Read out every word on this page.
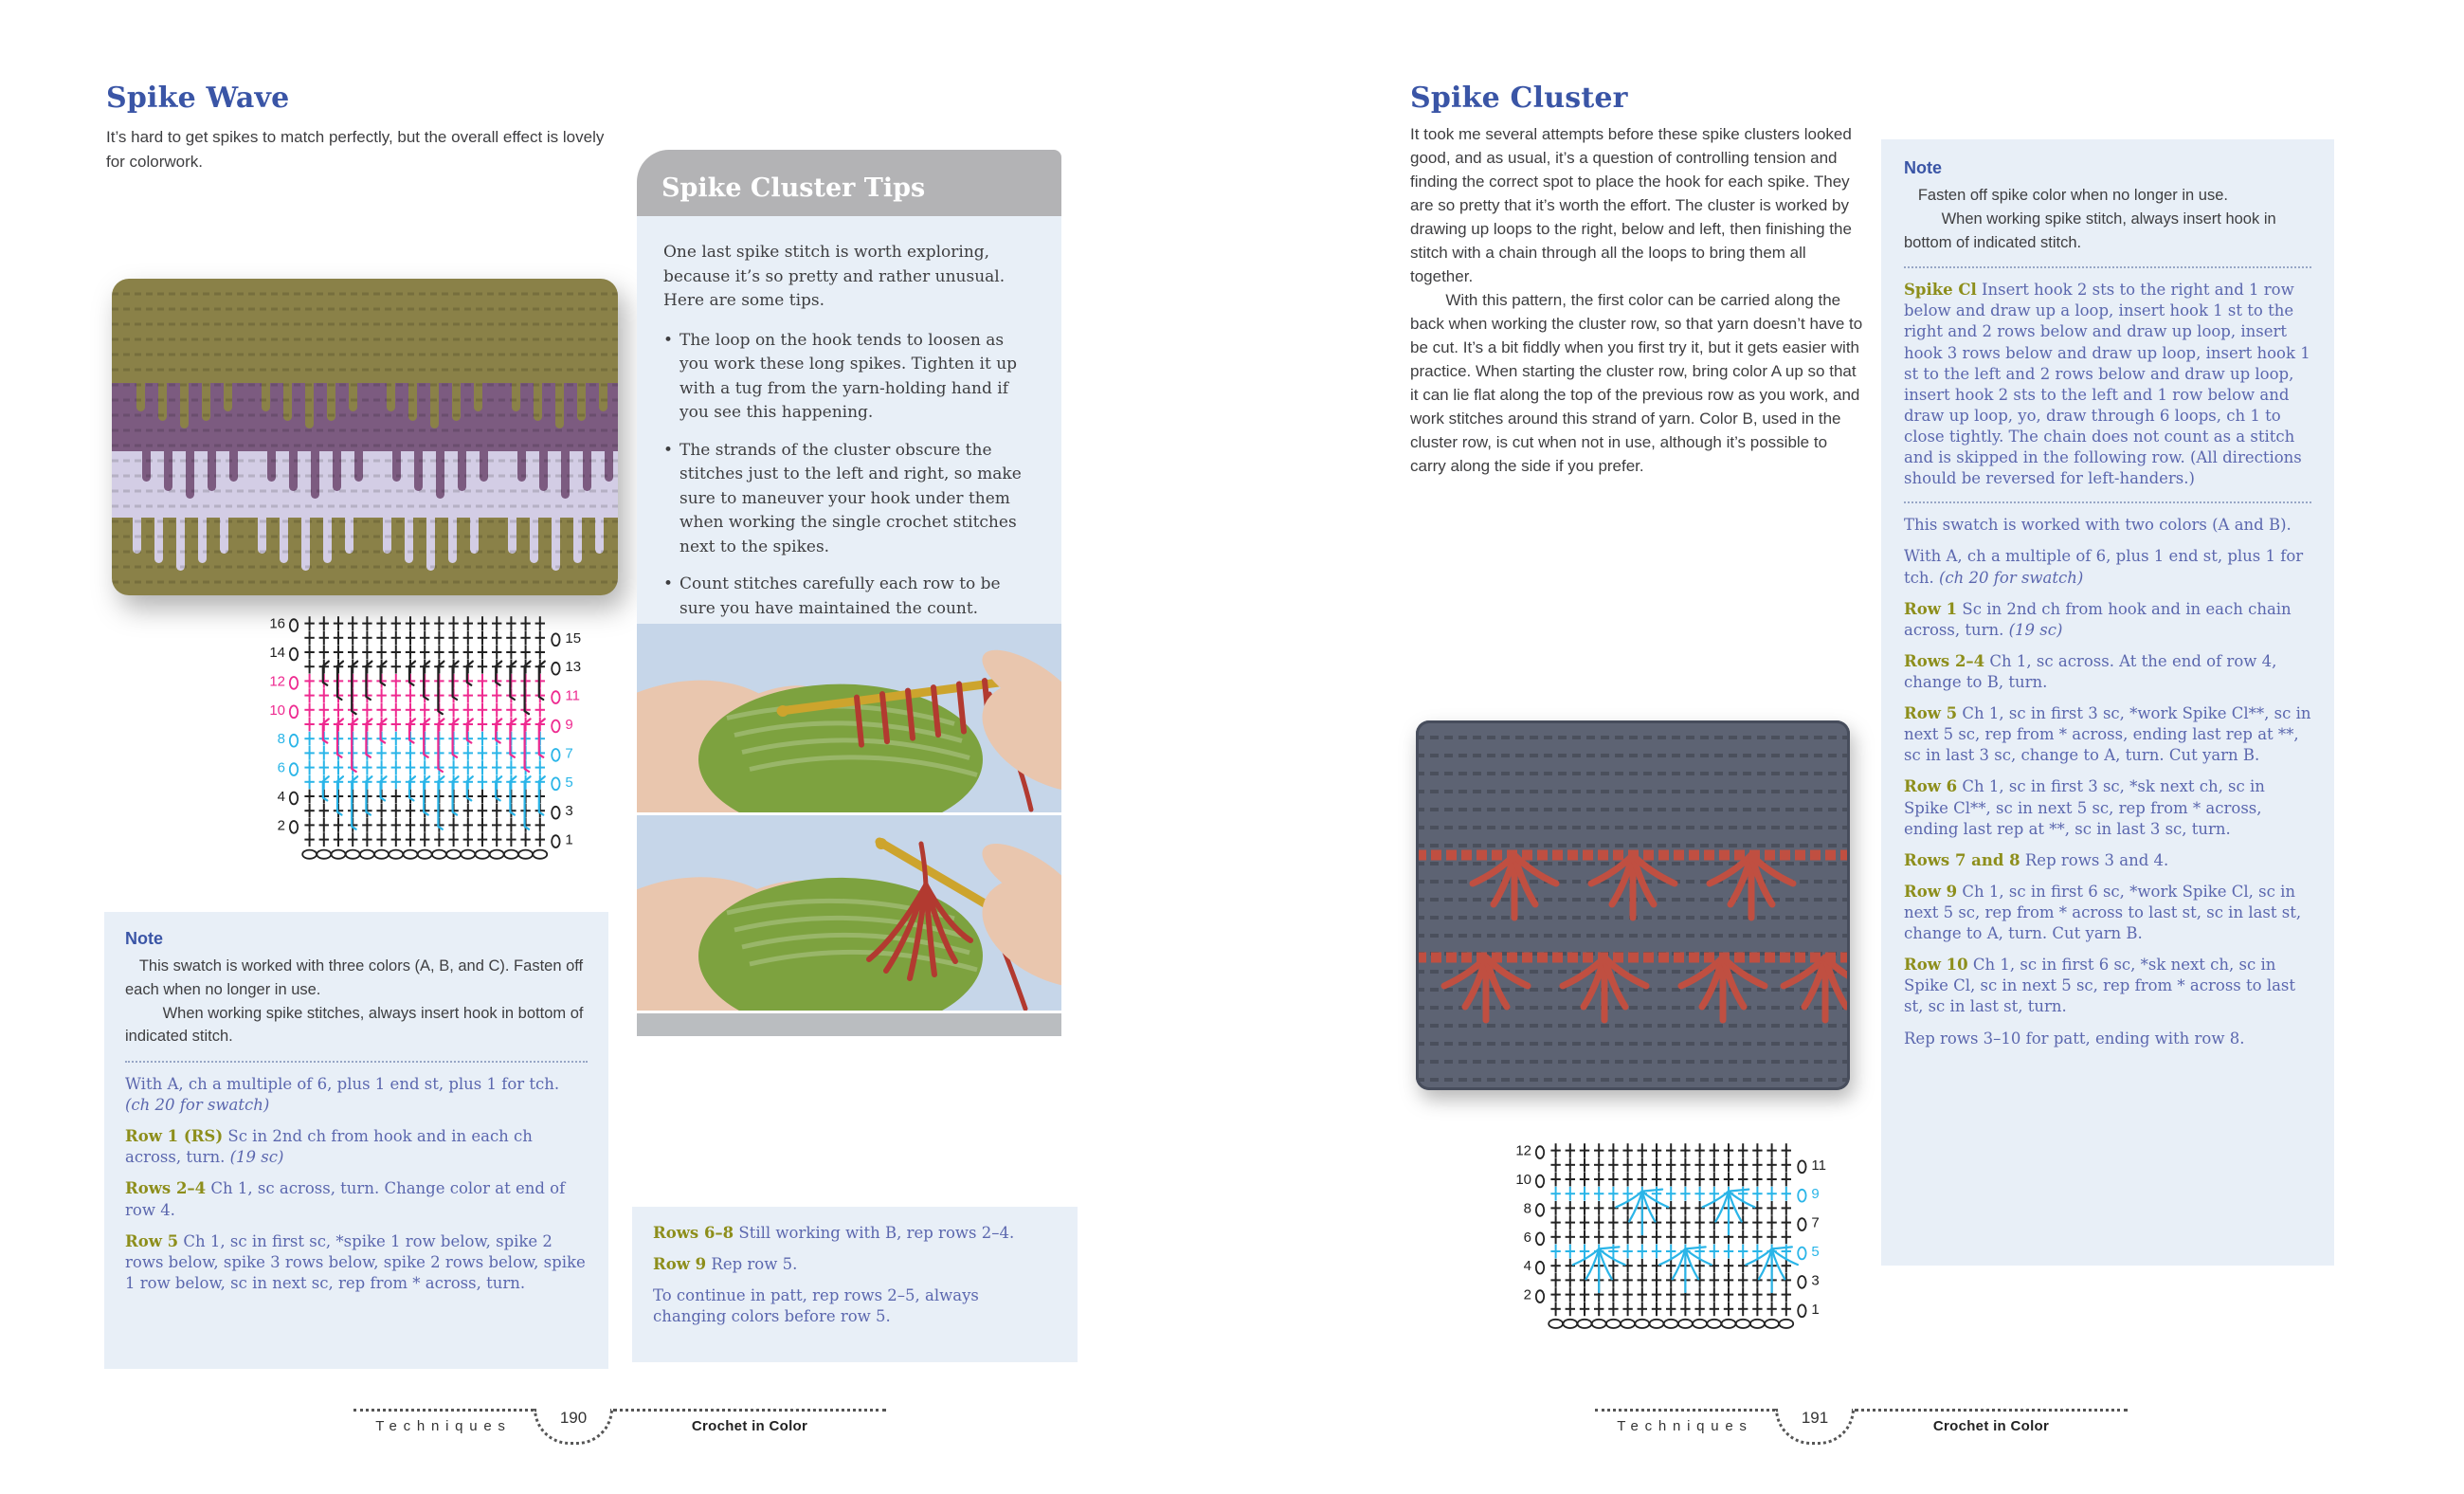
Spike Wave

It’s hard to get spikes to match perfectly, but the overall effect is lovely for colorwork.

16
14
12
10
8
6
4
2
15
13
11
9
7
5
3
1
Note

This swatch is worked with three colors (A, B, and C). Fasten off each when no longer in use.

When working spike stitches, always insert hook in bottom of indicated stitch.

With A, ch a multiple of 6, plus 1 end st, plus 1 for tch. (ch 20 for swatch)

Row 1 (RS) Sc in 2nd ch from hook and in each ch across, turn. (19 sc)

Rows 2–4 Ch 1, sc across, turn. Change color at end of row 4.

Row 5 Ch 1, sc in first sc, *spike 1 row below, spike 2 rows below, spike 3 rows below, spike 2 rows below, spike 1 row below, sc in next sc, rep from * across, turn.

Spike Cluster Tips

One last spike stitch is worth exploring, because it’s so pretty and rather unusual. Here are some tips.

• The loop on the hook tends to loosen as you work these long spikes. Tighten it up with a tug from the yarn-holding hand if you see this happening.
• The strands of the cluster obscure the stitches just to the left and right, so make sure to maneuver your hook under them when working the single crochet stitches next to the spikes.
• Count stitches carefully each row to be sure you have maintained the count.

Rows 6–8 Still working with B, rep rows 2–4.

Row 9 Rep row 5.

To continue in patt, rep rows 2–5, always changing colors before row 5.

Spike Cluster

It took me several attempts before these spike clusters looked good, and as usual, it’s a question of controlling tension and finding the correct spot to place the hook for each spike. They are so pretty that it’s worth the effort. The cluster is worked by drawing up loops to the right, below and left, then finishing the stitch with a chain through all the loops to bring them all together.

With this pattern, the first color can be carried along the back when working the cluster row, so that yarn doesn’t have to be cut. It’s a bit fiddly when you first try it, but it gets easier with practice. When starting the cluster row, bring color A up so that it can lie flat along the top of the previous row as you work, and work stitches around this strand of yarn. Color B, used in the cluster row, is cut when not in use, although it’s possible to carry along the side if you prefer.

12
10
8
6
4
2
11
9
7
5
3
1
Note

Fasten off spike color when no longer in use.

When working spike stitch, always insert hook in bottom of indicated stitch.

Spike Cl Insert hook 2 sts to the right and 1 row below and draw up a loop, insert hook 1 st to the right and 2 rows below and draw up loop, insert hook 3 rows below and draw up loop, insert hook 1 st to the left and 2 rows below and draw up loop, insert hook 2 sts to the left and 1 row below and draw up loop, yo, draw through 6 loops, ch 1 to close tightly. The chain does not count as a stitch and is skipped in the following row. (All directions should be reversed for left-handers.)

This swatch is worked with two colors (A and B).

With A, ch a multiple of 6, plus 1 end st, plus 1 for tch. (ch 20 for swatch)

Row 1 Sc in 2nd ch from hook and in each chain across, turn. (19 sc)

Rows 2–4 Ch 1, sc across. At the end of row 4, change to B, turn.

Row 5 Ch 1, sc in first 3 sc, *work Spike Cl**, sc in next 5 sc, rep from * across, ending last rep at **, sc in last 3 sc, change to A, turn. Cut yarn B.

Row 6 Ch 1, sc in first 3 sc, *sk next ch, sc in Spike Cl**, sc in next 5 sc, rep from * across, ending last rep at **, sc in last 3 sc, turn.

Rows 7 and 8 Rep rows 3 and 4.

Row 9 Ch 1, sc in first 6 sc, *work Spike Cl, sc in next 5 sc, rep from * across to last st, sc in last st, change to A, turn. Cut yarn B.

Row 10 Ch 1, sc in first 6 sc, *sk next ch, sc in Spike Cl, sc in next 5 sc, rep from * across to last st, sc in last st, turn.

Rep rows 3–10 for patt, ending with row 8.

Techniques	190	Crochet in Color	Techniques	191	Crochet in Color
